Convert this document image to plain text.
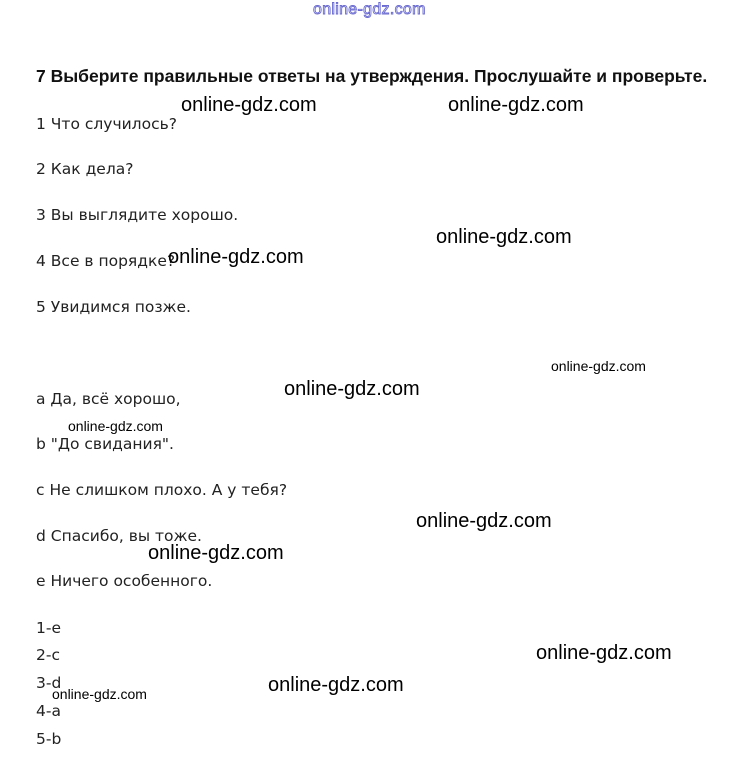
online-gdz.com
7 Выберите правильные ответы на утверждения. Прослушайте и проверьте.
1 Что случилось?
2 Как дела?
3 Вы выглядите хорошо.
4 Все в порядке?
5 Увидимся позже.
a Да, всё хорошо,
b "До свидания".
c Не слишком плохо. А у тебя?
d Спасибо, вы тоже.
e Ничего особенного.
1-e
2-c
3-d
4-a
5-b
online-gdz.com	online-gdz.com
online-gdz.com
online-gdz.com
online-gdz.com
online-gdz.com
online-gdz.com
online-gdz.com
online-gdz.com
online-gdz.com
online-gdz.com
online-gdz.com
